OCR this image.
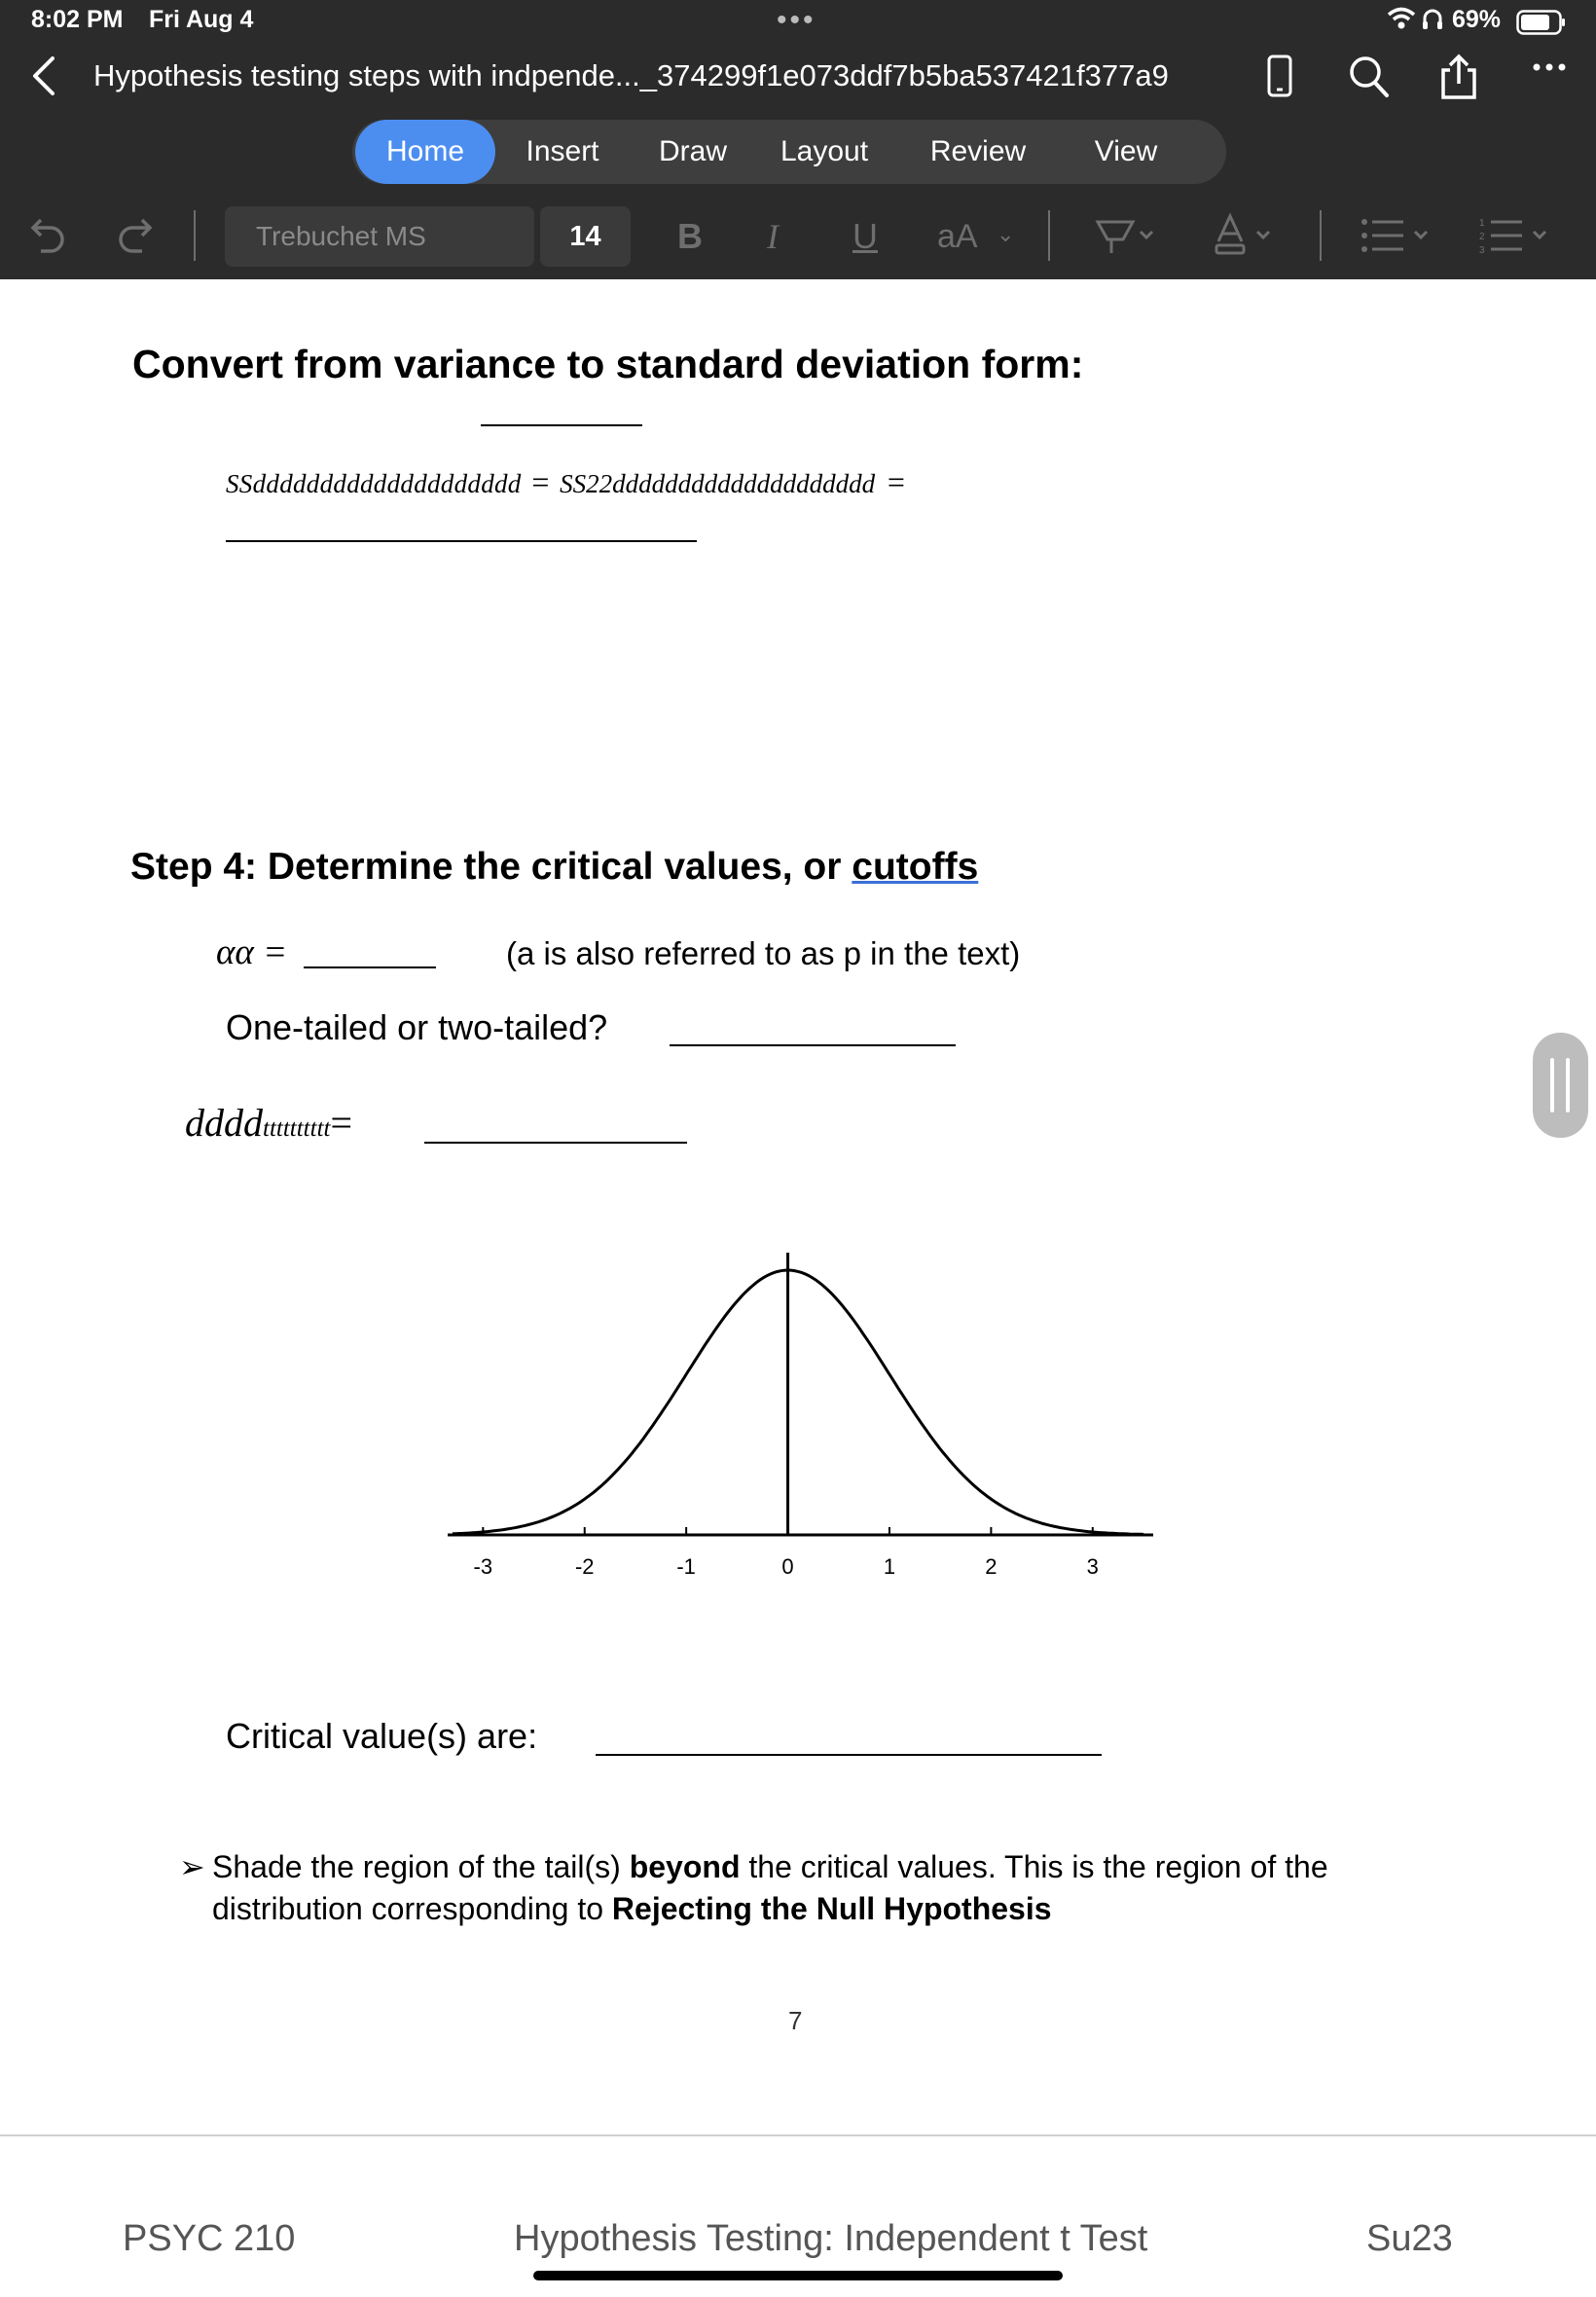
8:02 PM Fri Aug 4	•••	69%
Hypothesis testing steps with indpende..._374299f1e073ddf7b5ba537421f377a9
Home	Insert	Draw	Layout	Review	View
Trebuchet MS	14	B I U aA ⌄	1
2
3
Convert from variance to standard deviation form:
SSdddddddddddddddddddd = SS22dddddddddddddddddddd =
Step 4: Determine the critical values, or cutoffs
αα =	(a is also referred to as p in the text)
One-tailed or two-tailed?
ddddtttttttttt=
-3	-2	-1	0	1	2	3
Critical value(s) are:
➢ Shade the region of the tail(s) beyond the critical values. This is the region of the distribution corresponding to Rejecting the Null Hypothesis
7
PSYC 210	Hypothesis Testing: Independent t Test	Su23
